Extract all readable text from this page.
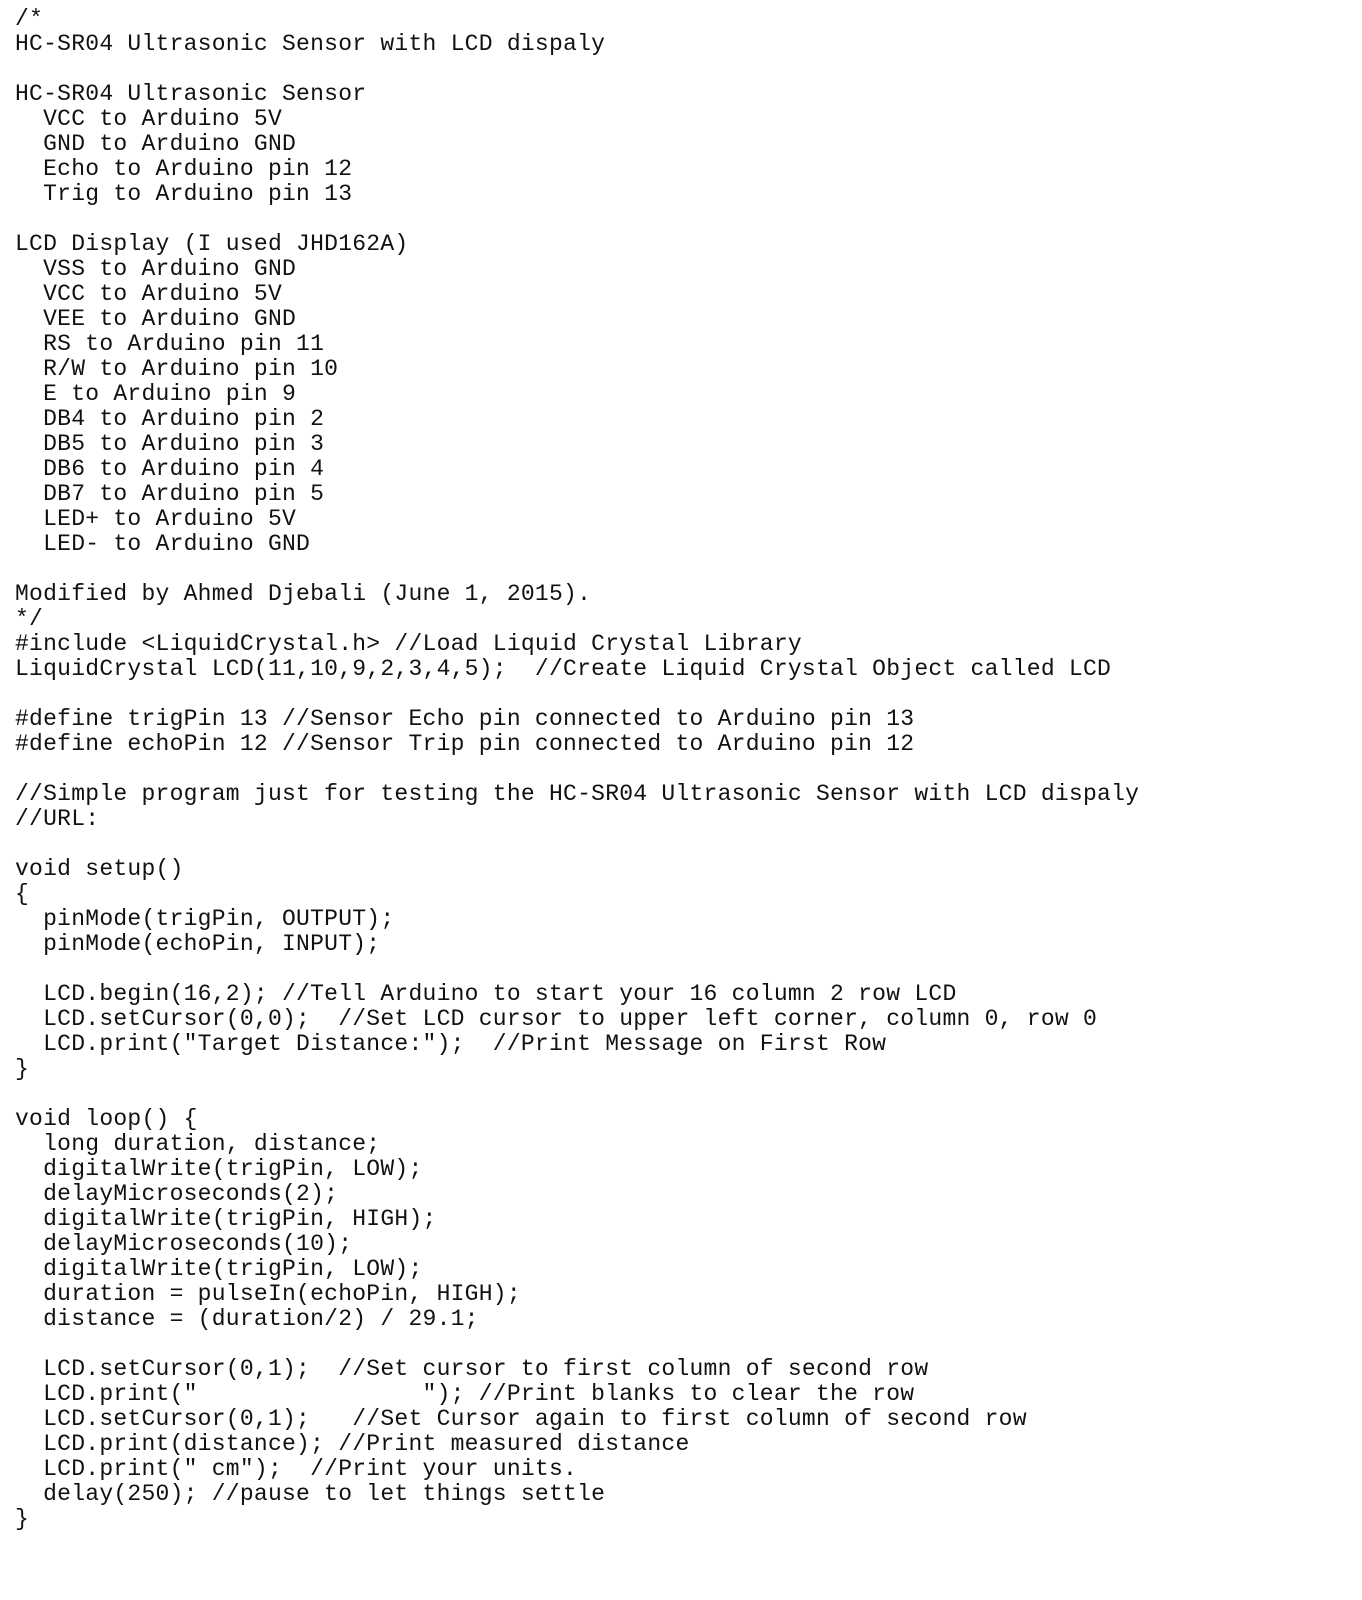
/*
HC-SR04 Ultrasonic Sensor with LCD dispaly
HC-SR04 Ultrasonic Sensor
VCC to Arduino 5V
GND to Arduino GND
Echo to Arduino pin 12
Trig to Arduino pin 13
LCD Display (I used JHD162A)
VSS to Arduino GND
VCC to Arduino 5V
VEE to Arduino GND
RS to Arduino pin 11
R/W to Arduino pin 10
E to Arduino pin 9
DB4 to Arduino pin 2
DB5 to Arduino pin 3
DB6 to Arduino pin 4
DB7 to Arduino pin 5
LED+ to Arduino 5V
LED- to Arduino GND
Modified by Ahmed Djebali (June 1, 2015).
*/
#include <LiquidCrystal.h> //Load Liquid Crystal Library
LiquidCrystal LCD(11,10,9,2,3,4,5);  //Create Liquid Crystal Object called LCD
#define trigPin 13 //Sensor Echo pin connected to Arduino pin 13
#define echoPin 12 //Sensor Trip pin connected to Arduino pin 12
//Simple program just for testing the HC-SR04 Ultrasonic Sensor with LCD dispaly
//URL:
void setup()
{
pinMode(trigPin, OUTPUT);
pinMode(echoPin, INPUT);
LCD.begin(16,2); //Tell Arduino to start your 16 column 2 row LCD
LCD.setCursor(0,0);  //Set LCD cursor to upper left corner, column 0, row 0
LCD.print("Target Distance:");  //Print Message on First Row
}
void loop() {
long duration, distance;
digitalWrite(trigPin, LOW);
delayMicroseconds(2);
digitalWrite(trigPin, HIGH);
delayMicroseconds(10);
digitalWrite(trigPin, LOW);
duration = pulseIn(echoPin, HIGH);
distance = (duration/2) / 29.1;
LCD.setCursor(0,1);  //Set cursor to first column of second row
LCD.print("                "); //Print blanks to clear the row
LCD.setCursor(0,1);   //Set Cursor again to first column of second row
LCD.print(distance); //Print measured distance
LCD.print(" cm");  //Print your units.
delay(250); //pause to let things settle
}
